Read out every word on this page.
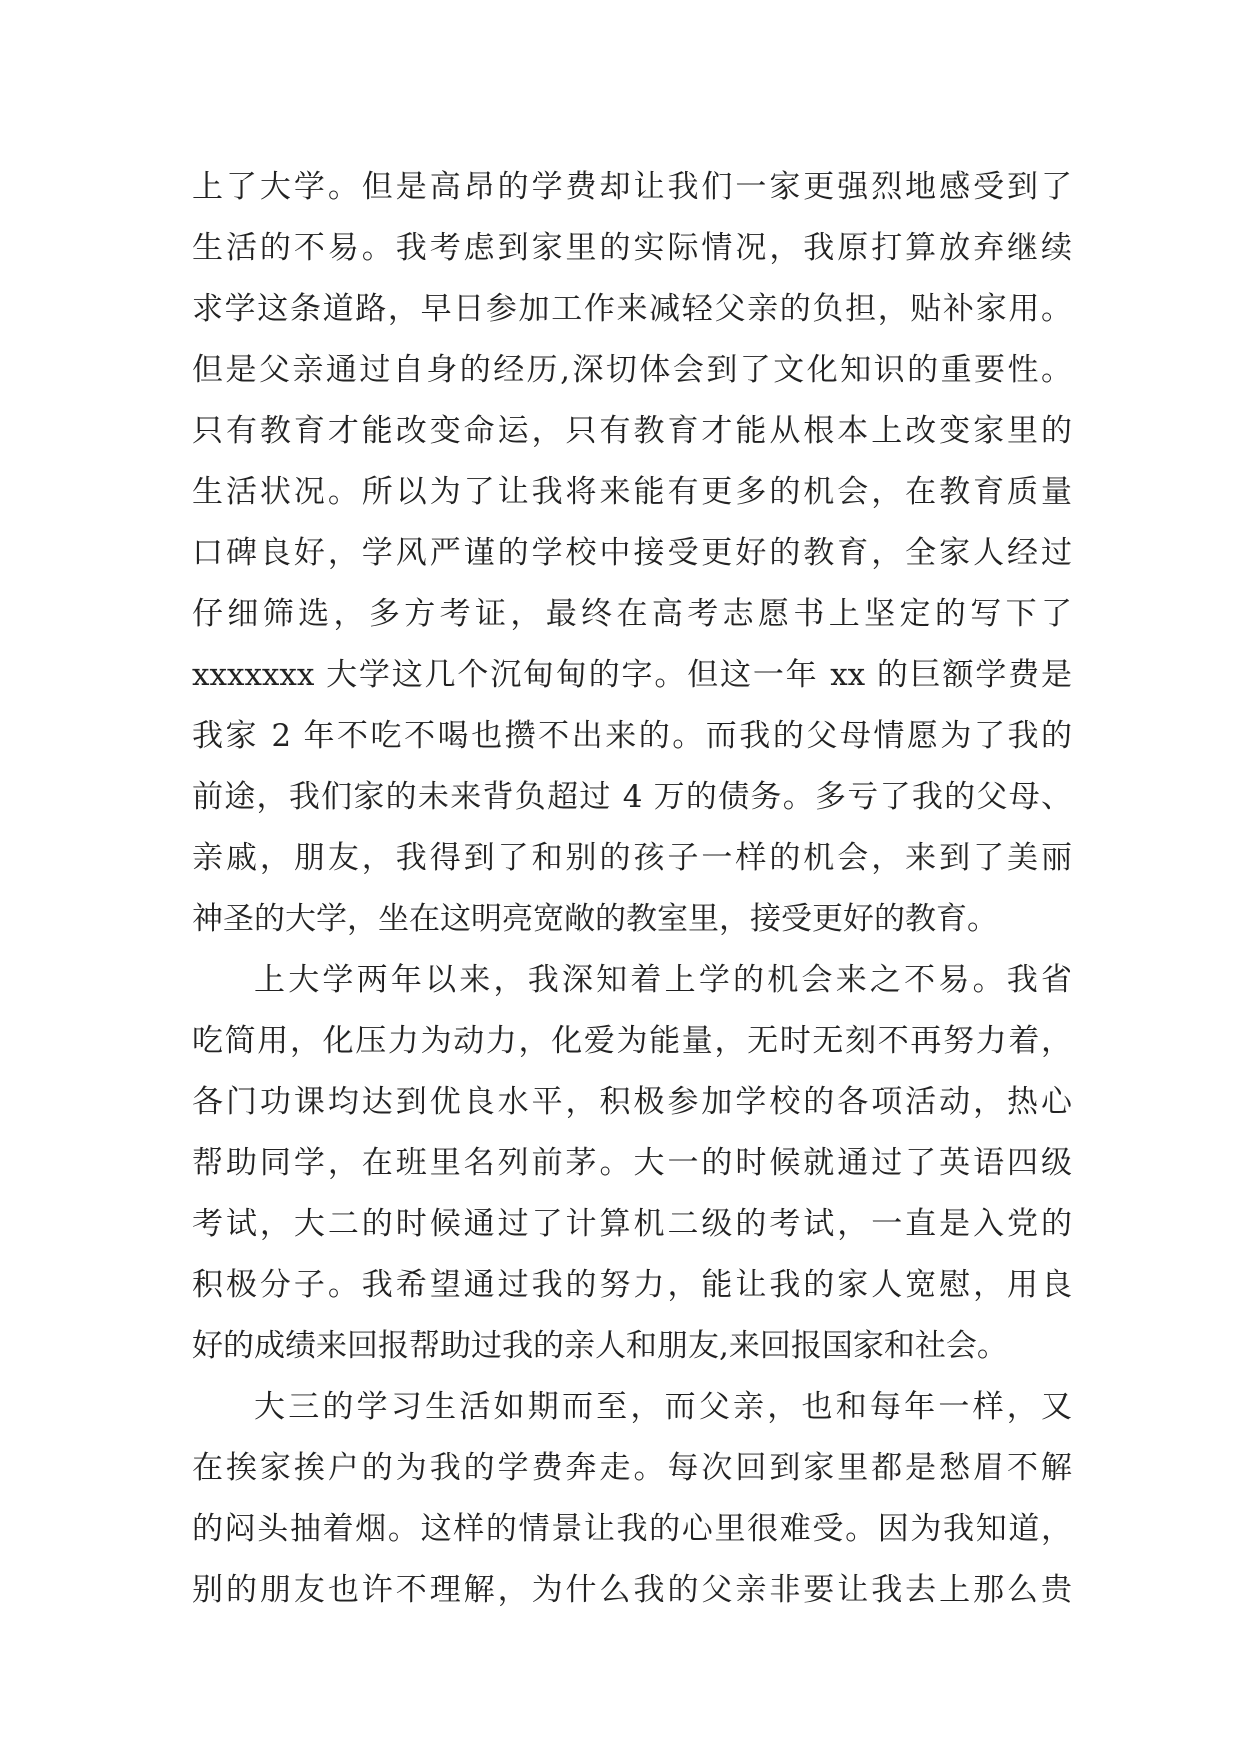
上了大学。但是高昂的学费却让我们一家更强烈地感受到了
生活的不易。我考虑到家里的实际情况，我原打算放弃继续
求学这条道路，早日参加工作来减轻父亲的负担，贴补家用。
但是父亲通过自身的经历,深切体会到了文化知识的重要性。
只有教育才能改变命运，只有教育才能从根本上改变家里的
生活状况。所以为了让我将来能有更多的机会，在教育质量
口碑良好，学风严谨的学校中接受更好的教育，全家人经过
仔细筛选，多方考证，最终在高考志愿书上坚定的写下了
xxxxxxx 大学这几个沉甸甸的字。但这一年 xx 的巨额学费是
我家 2 年不吃不喝也攒不出来的。而我的父母情愿为了我的
前途，我们家的未来背负超过 4 万的债务。多亏了我的父母、
亲戚，朋友，我得到了和别的孩子一样的机会，来到了美丽
神圣的大学，坐在这明亮宽敞的教室里，接受更好的教育。
上大学两年以来，我深知着上学的机会来之不易。我省
吃简用，化压力为动力，化爱为能量，无时无刻不再努力着，
各门功课均达到优良水平，积极参加学校的各项活动，热心
帮助同学，在班里名列前茅。大一的时候就通过了英语四级
考试，大二的时候通过了计算机二级的考试，一直是入党的
积极分子。我希望通过我的努力，能让我的家人宽慰，用良
好的成绩来回报帮助过我的亲人和朋友,来回报国家和社会。
大三的学习生活如期而至，而父亲，也和每年一样，又
在挨家挨户的为我的学费奔走。每次回到家里都是愁眉不解
的闷头抽着烟。这样的情景让我的心里很难受。因为我知道，
别的朋友也许不理解，为什么我的父亲非要让我去上那么贵
